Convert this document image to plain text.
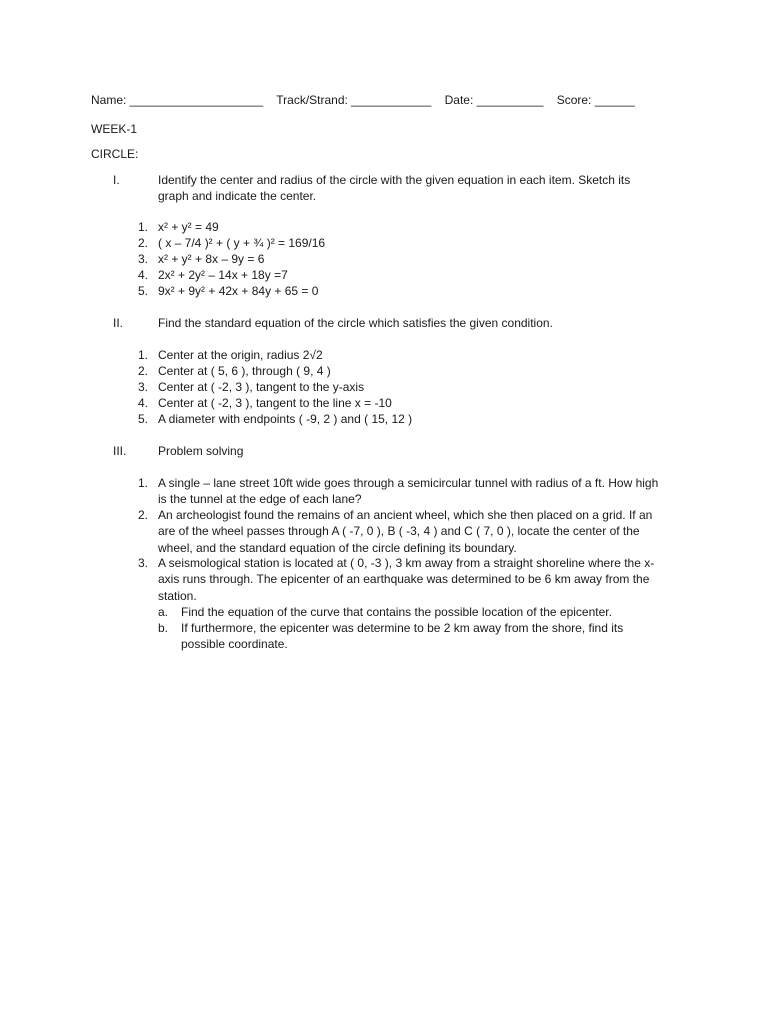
Name: ____________________    Track/Strand: ____________    Date: __________    Score: ______
WEEK-1
CIRCLE:
I.	Identify the center and radius of the circle with the given equation in each item. Sketch its graph and indicate the center.
1. x² + y² = 49
2. ( x – 7/4 )² + ( y + ¾ )² = 169/16
3. x² + y² + 8x – 9y = 6
4. 2x² + 2y² – 14x + 18y =7
5. 9x² + 9y² + 42x + 84y + 65 = 0
II.	Find the standard equation of the circle which satisfies the given condition.
1. Center at the origin, radius 2√2
2. Center at ( 5, 6 ), through ( 9, 4 )
3. Center at ( -2, 3 ), tangent to the y-axis
4. Center at ( -2, 3 ), tangent to the line x = -10
5. A diameter with endpoints ( -9, 2 ) and ( 15, 12 )
III.	Problem solving
1. A single – lane street 10ft wide goes through a semicircular tunnel with radius of a ft. How high is the tunnel at the edge of each lane?
2. An archeologist found the remains of an ancient wheel, which she then placed on a grid. If an are of the wheel passes through A ( -7, 0 ), B ( -3, 4 ) and C ( 7, 0 ), locate the center of the wheel, and the standard equation of the circle defining its boundary.
3. A seismological station is located at ( 0, -3 ), 3 km away from a straight shoreline where the x-axis runs through. The epicenter of an earthquake was determined to be 6 km away from the station.
a. Find the equation of the curve that contains the possible location of the epicenter.
b. If furthermore, the epicenter was determine to be 2 km away from the shore, find its possible coordinate.
